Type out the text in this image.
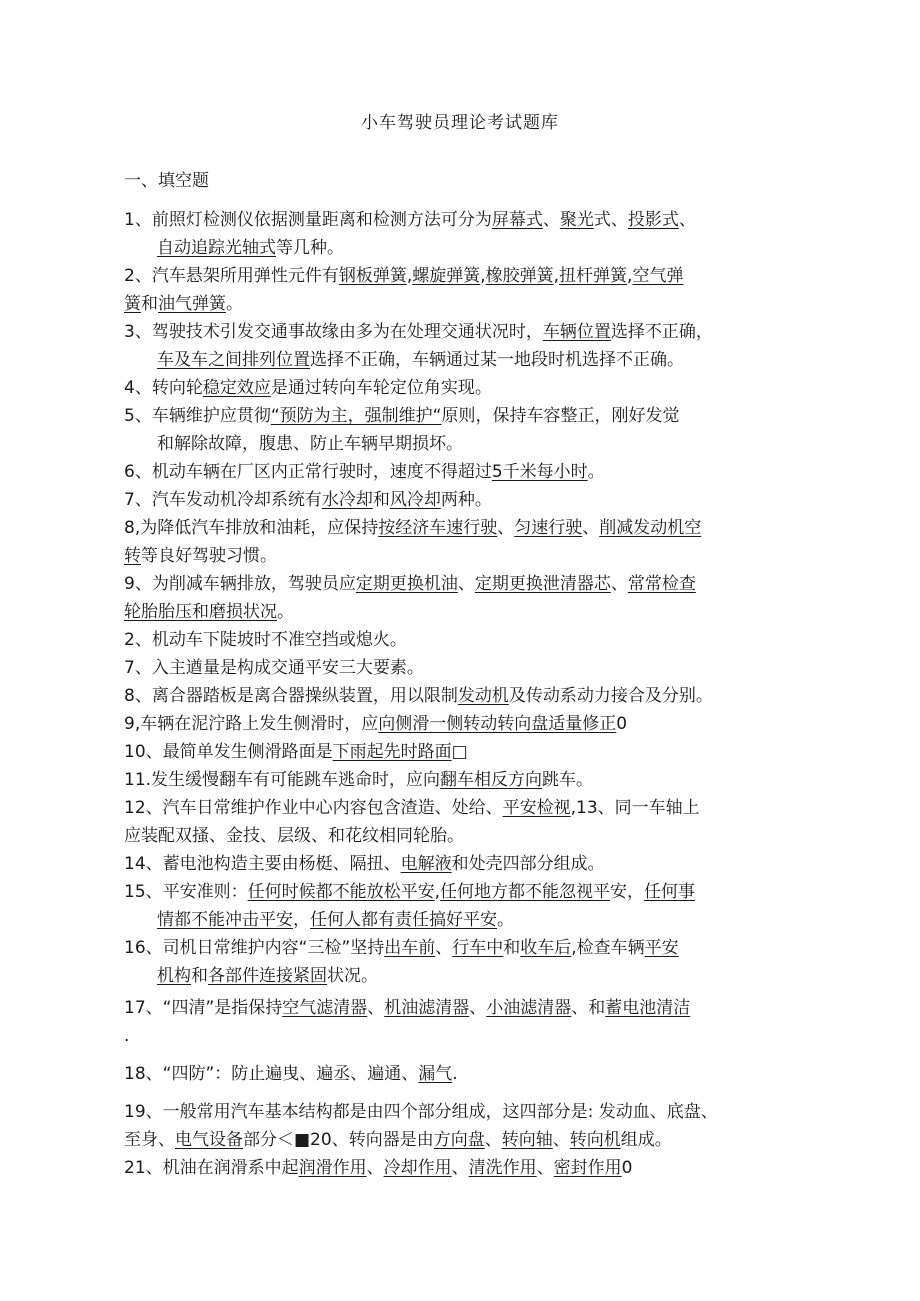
小车驾驶员理论考试题库
一、填空题
1、前照灯检测仪依据测量距离和检测方法可分为屏幕式、聚光式、投影式、
自动追踪光轴式等几种。
2、汽车悬架所用弹性元件有钢板弹簧,螺旋弹簧,橡胶弹簧,扭杆弹簧,空气弹
簧和油气弹簧。
3、驾驶技术引发交通事故缘由多为在处理交通状况时，车辆位置选择不正确，
车及车之间排列位置选择不正确，车辆通过某一地段时机选择不正确。
4、转向轮稳定效应是通过转向车轮定位角实现。
5、车辆维护应贯彻“预防为主，强制维护“原则，保持车容整正，刚好发觉
和解除故障，腹患、防止车辆早期损坏。
6、机动车辆在厂区内正常行驶时，速度不得超过5千米每小时。
7、汽车发动机冷却系统有水冷却和风冷却两种。
8,为降低汽车排放和油耗，应保持按经济车速行驶、匀速行驶、削减发动机空
转等良好驾驶习惯。
9、为削减车辆排放，驾驶员应定期更换机油、定期更换泄清器芯、常常检查
轮胎胎压和磨损状况。
2、机动车下陡坡时不准空挡或熄火。
7、入主遒量是构成交通平安三大要素。
8、离合器踏板是离合器操纵装置，用以限制发动机及传动系动力接合及分别。
9,车辆在泥泞路上发生侧滑时，应向侧滑一侧转动转向盘适量修正0
10、最简单发生侧滑路面是下雨起先时路面□
11.发生缓慢翻车有可能跳车逃命时，应向翻车相反方向跳车。
12、汽车日常维护作业中心内容包含渣造、处给、平安检视,13、同一车轴上
应装配双搔、金技、层级、和花纹相同轮胎。
14、蓄电池构造主要由杨梃、隔扭、电解液和处壳四部分组成。
15、平安准则：任何时候都不能放松平安,任何地方都不能忽视平安，任何事
情都不能冲击平安，任何人都有责任搞好平安。
16、司机日常维护内容“三检”坚持出车前、行车中和收车后,检查车辆平安
机构和各部件连接紧固状况。
17、“四清”是指保持空气滤清器、机油滤清器、小油滤清器、和蓄电池清洁
.
18、“四防”：防止遍曳、遍丞、遍通、漏气.
19、一般常用汽车基本结构都是由四个部分组成，这四部分是: 发动血、底盘、
至身、电气设备部分＜■20、转向器是由方向盘、转向轴、转向机组成。
21、机油在润滑系中起润滑作用、冷却作用、清洗作用、密封作用0
